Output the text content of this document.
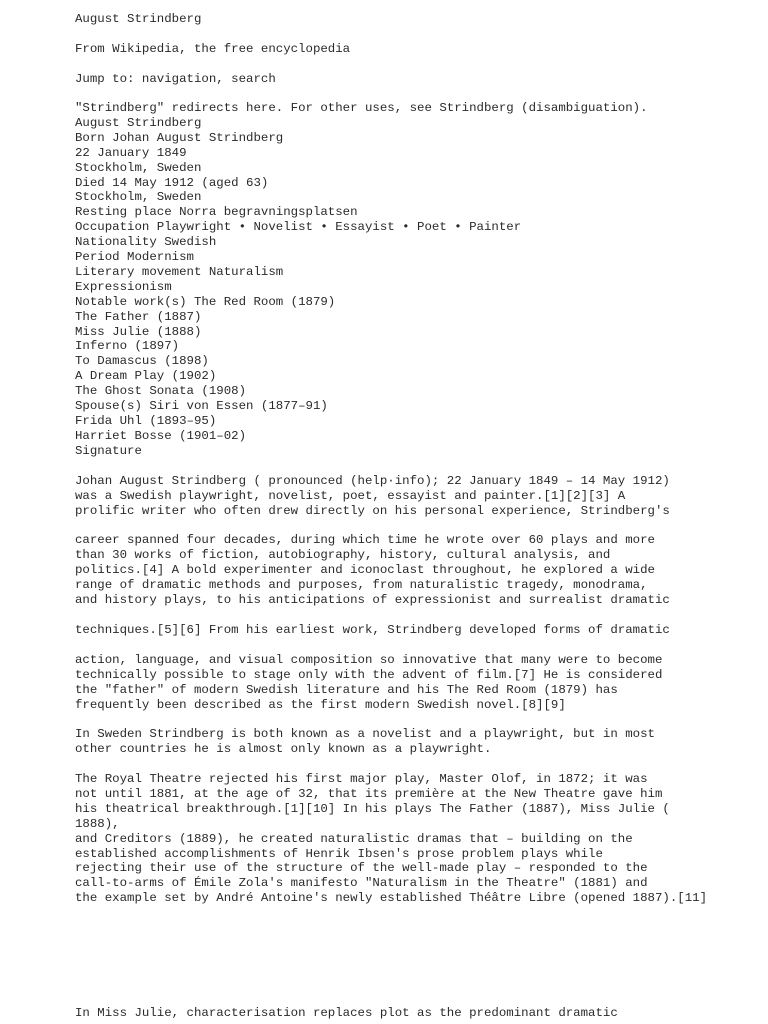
August Strindberg
From Wikipedia, the free encyclopedia
Jump to: navigation, search
"Strindberg" redirects here. For other uses, see Strindberg (disambiguation).
August Strindberg
Born Johan August Strindberg
22 January 1849
Stockholm, Sweden
Died 14 May 1912 (aged 63)
Stockholm, Sweden
Resting place Norra begravningsplatsen
Occupation Playwright • Novelist • Essayist • Poet • Painter
Nationality Swedish
Period Modernism
Literary movement Naturalism
Expressionism
Notable work(s) The Red Room (1879)
The Father (1887)
Miss Julie (1888)
Inferno (1897)
To Damascus (1898)
A Dream Play (1902)
The Ghost Sonata (1908)
Spouse(s) Siri von Essen (1877–91)
Frida Uhl (1893–95)
Harriet Bosse (1901–02)
Signature
Johan August Strindberg ( pronounced (help·info); 22 January 1849 – 14 May 1912)
was a Swedish playwright, novelist, poet, essayist and painter.[1][2][3] A
prolific writer who often drew directly on his personal experience, Strindberg's
career spanned four decades, during which time he wrote over 60 plays and more
than 30 works of fiction, autobiography, history, cultural analysis, and
politics.[4] A bold experimenter and iconoclast throughout, he explored a wide
range of dramatic methods and purposes, from naturalistic tragedy, monodrama,
and history plays, to his anticipations of expressionist and surrealist dramatic
techniques.[5][6] From his earliest work, Strindberg developed forms of dramatic
action, language, and visual composition so innovative that many were to become
technically possible to stage only with the advent of film.[7] He is considered
the "father" of modern Swedish literature and his The Red Room (1879) has
frequently been described as the first modern Swedish novel.[8][9]
In Sweden Strindberg is both known as a novelist and a playwright, but in most
other countries he is almost only known as a playwright.
The Royal Theatre rejected his first major play, Master Olof, in 1872; it was
not until 1881, at the age of 32, that its première at the New Theatre gave him
his theatrical breakthrough.[1][10] In his plays The Father (1887), Miss Julie (
1888),
and Creditors (1889), he created naturalistic dramas that – building on the
established accomplishments of Henrik Ibsen's prose problem plays while
rejecting their use of the structure of the well-made play – responded to the
call-to-arms of Émile Zola's manifesto "Naturalism in the Theatre" (1881) and
the example set by André Antoine's newly established Théâtre Libre (opened 1887).[11]
In Miss Julie, characterisation replaces plot as the predominant dramatic
